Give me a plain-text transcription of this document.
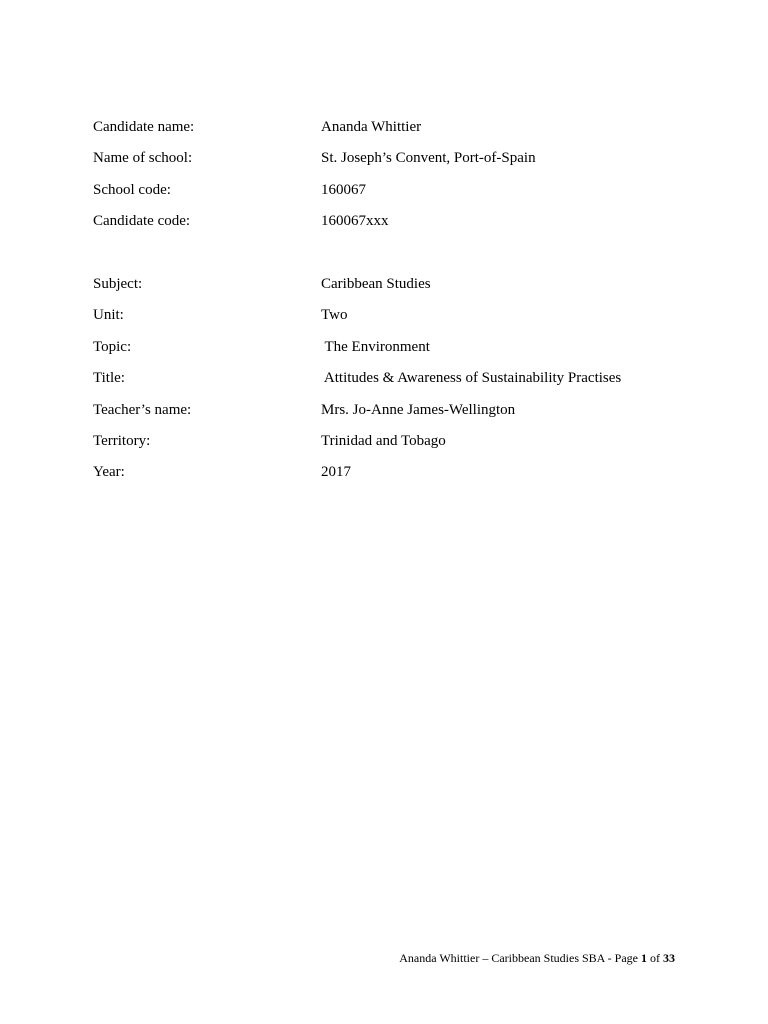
Candidate name:	Ananda Whittier
Name of school:	St. Joseph’s Convent, Port-of-Spain
School code:	160067
Candidate code:	160067xxx
Subject:	Caribbean Studies
Unit:	Two
Topic:	The Environment
Title:	Attitudes & Awareness of Sustainability Practises
Teacher’s name:	Mrs. Jo-Anne James-Wellington
Territory:	Trinidad and Tobago
Year:	2017
Ananda Whittier – Caribbean Studies SBA - Page 1 of 33
